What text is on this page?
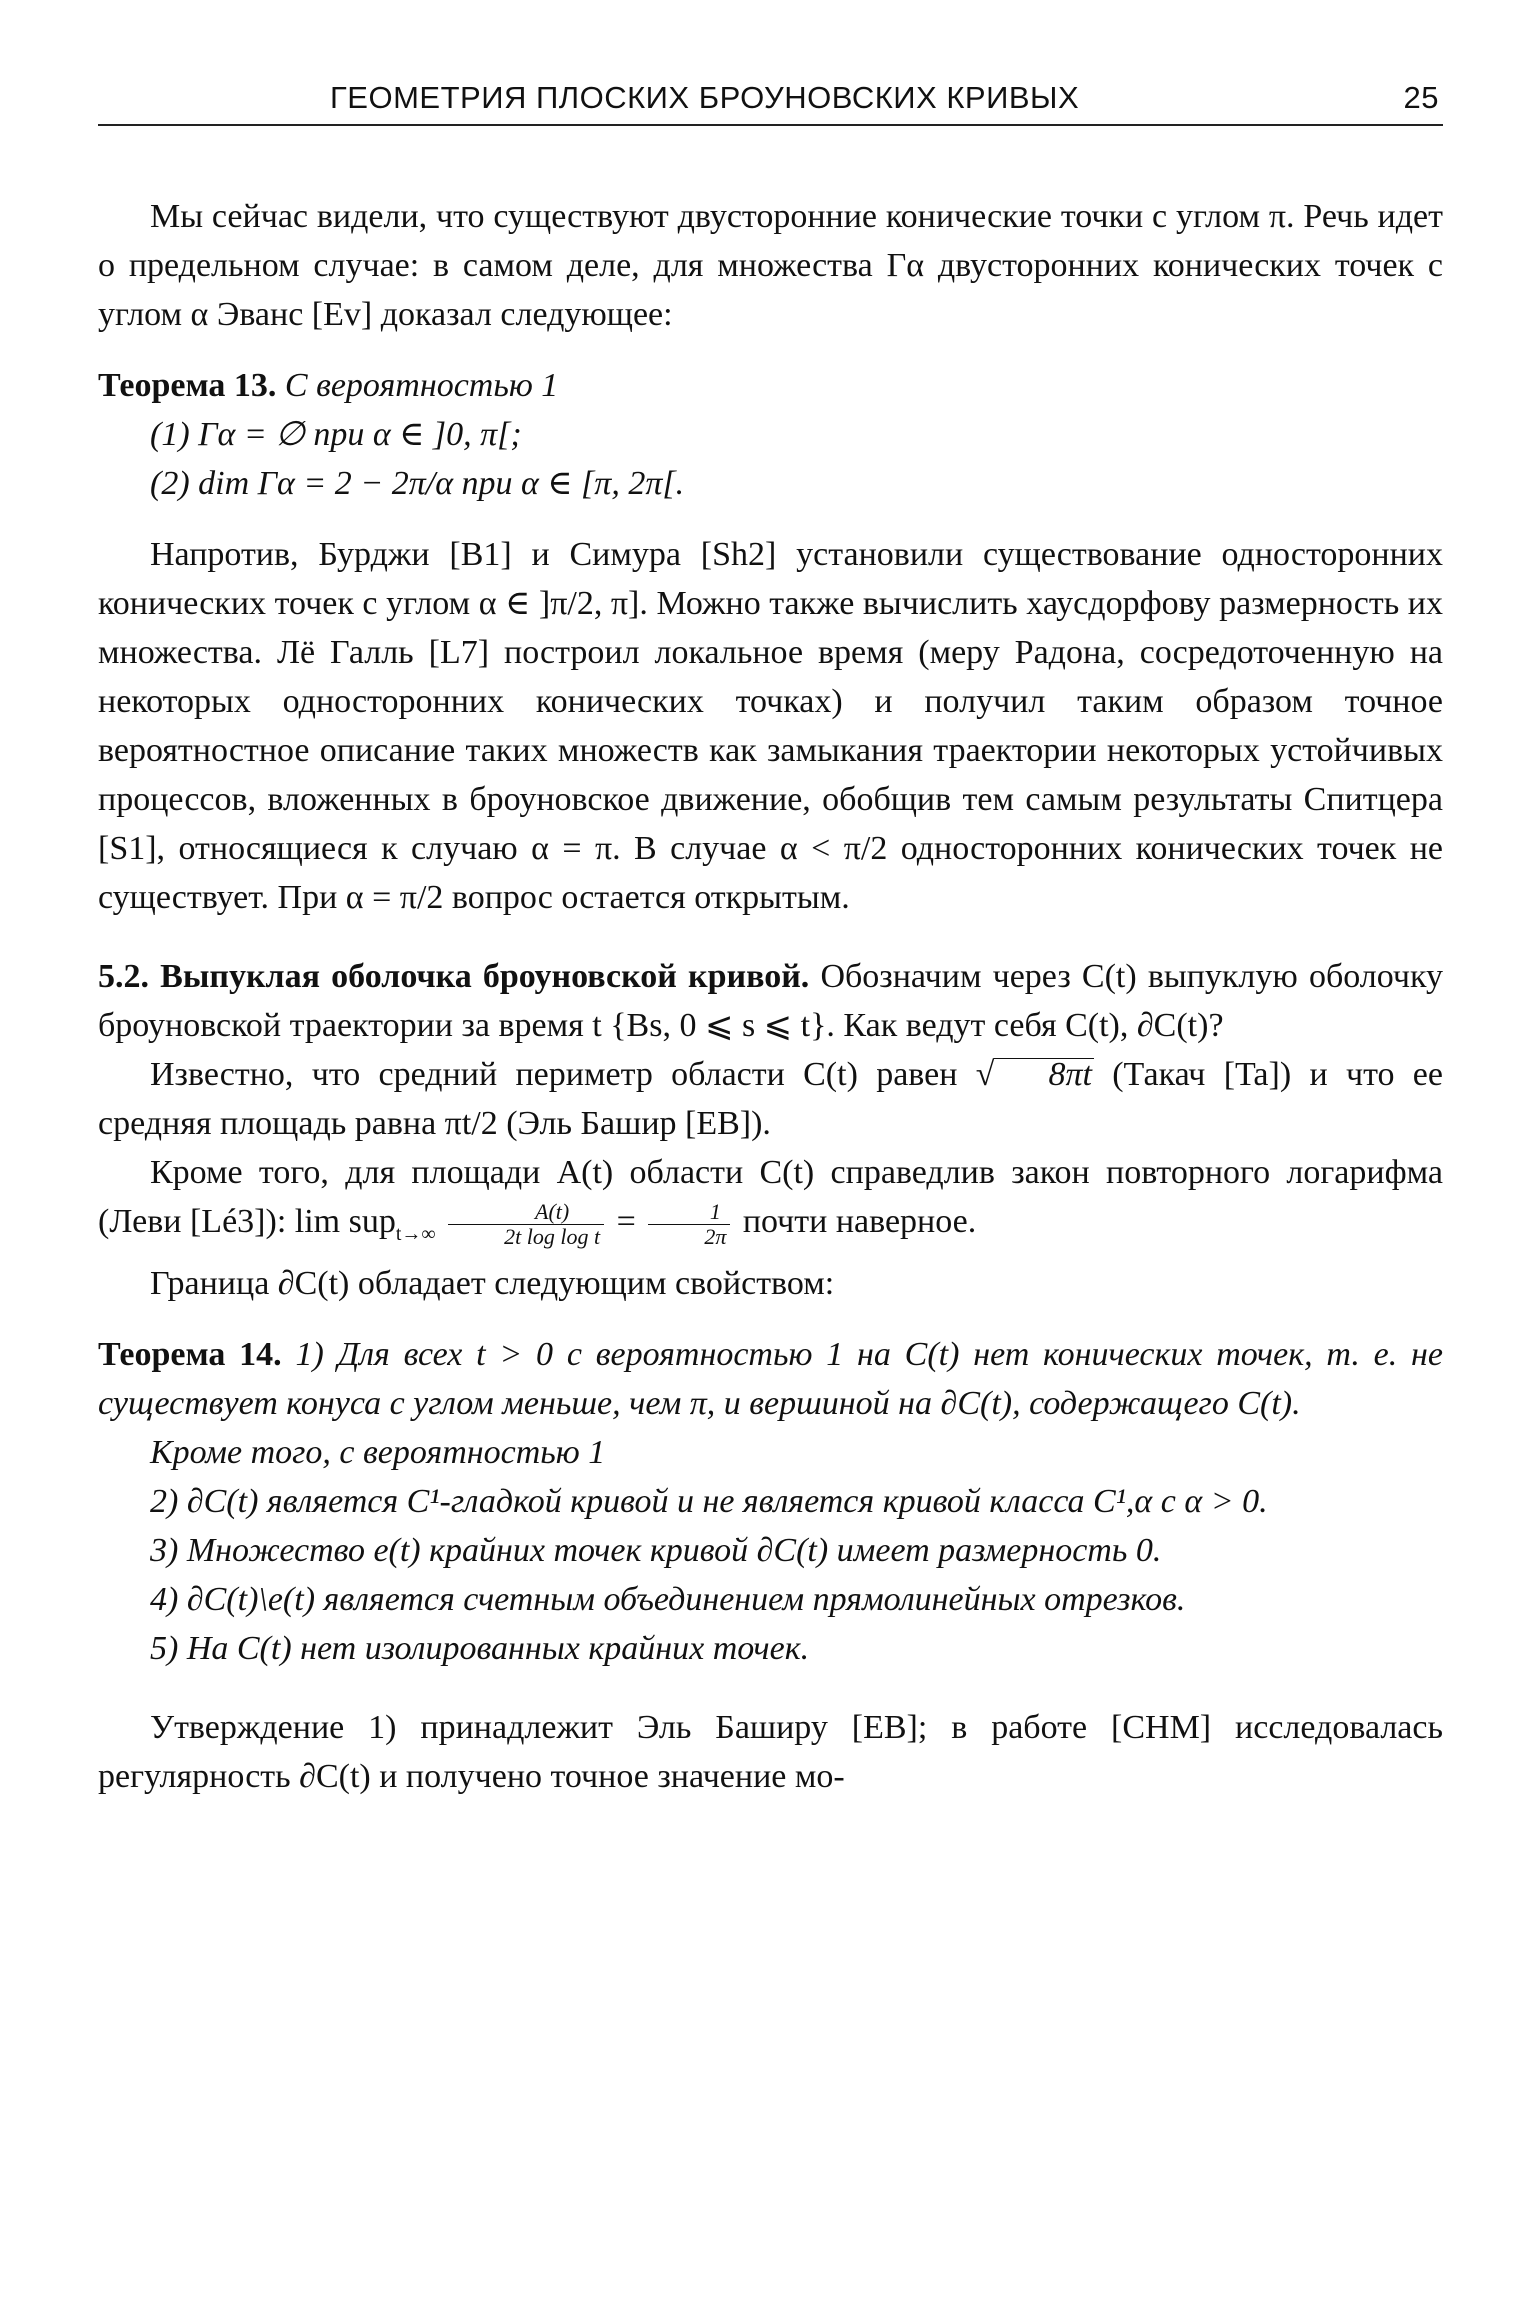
ГЕОМЕТРИЯ ПЛОСКИХ БРОУНОВСКИХ КРИВЫХ	25

Мы сейчас видели, что существуют двусторонние конические точки с углом π. Речь идет о предельном случае: в самом деле, для множества Γα двусторонних конических точек с углом α Эванс [Ev] доказал следующее:

Теорема 13. С вероятностью 1

(1) Γα = ∅ при α ∈ ]0, π[;

(2) dim Γα = 2 − 2π/α при α ∈ [π, 2π[.

Напротив, Бурджи [B1] и Симура [Sh2] установили существование односторонних конических точек с углом α ∈ ]π/2, π]. Можно также вычислить хаусдорфову размерность их множества. Лё Галль [L7] построил локальное время (меру Радона, сосредоточенную на некоторых односторонних конических точках) и получил таким образом точное вероятностное описание таких множеств как замыкания траектории некоторых устойчивых процессов, вложенных в броуновское движение, обобщив тем самым результаты Спитцера [S1], относящиеся к случаю α = π. В случае α < π/2 односторонних конических точек не существует. При α = π/2 вопрос остается открытым.

5.2. Выпуклая оболочка броуновской кривой. Обозначим через C(t) выпуклую оболочку броуновской траектории за время t {Bs, 0 ⩽ s ⩽ t}. Как ведут себя C(t), ∂C(t)?

Известно, что средний периметр области C(t) равен √ 8πt (Такач [Ta]) и что ее средняя площадь равна πt/2 (Эль Башир [EB]).

Кроме того, для площади A(t) области C(t) справедлив закон повторного логарифма (Леви [Lé3]): $\lim sup_{t\to\infty} \frac{A(t)}{\text{2t log log t}} = \frac{1}{2\pi}$ почти наверное.

Граница ∂C(t) обладает следующим свойством:

Теорема 14. 1) Для всех t > 0 с вероятностью 1 на C(t) нет конических точек, т. е. не существует конуса с углом меньше, чем π, и вершиной на ∂C(t), содержащего C(t).

Кроме того, с вероятностью 1

2) ∂C(t) является C¹-гладкой кривой и не является кривой класса C¹,α с α > 0.

3) Множество e(t) крайних точек кривой ∂C(t) имеет размерность 0.

4) ∂C(t)\e(t) является счетным объединением прямолинейных отрезков.

5) На C(t) нет изолированных крайних точек.

Утверждение 1) принадлежит Эль Баширу [EB]; в работе [CHM] исследовалась регулярность ∂C(t) и получено точное значение мо-
